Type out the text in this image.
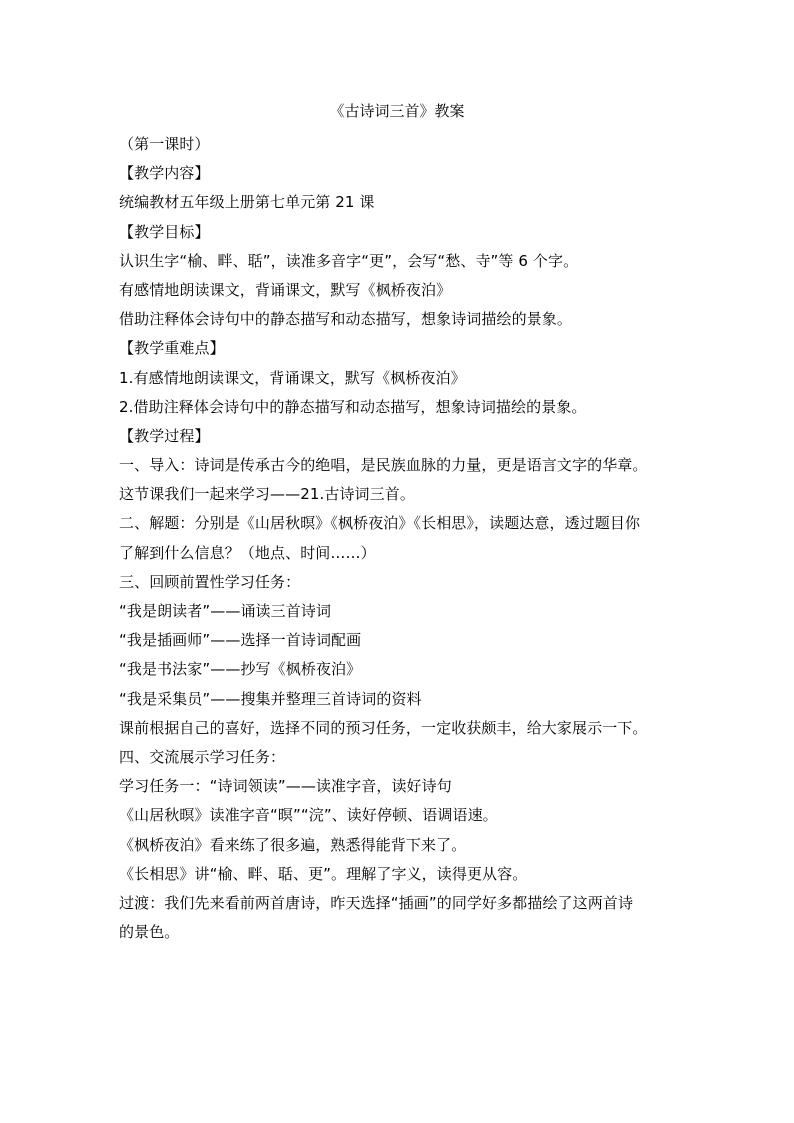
《古诗词三首》教案
（第一课时）
【教学内容】
统编教材五年级上册第七单元第 21 课
【教学目标】
认识生字“榆、畔、聒”，读准多音字“更”，会写“愁、寺”等 6 个字。
有感情地朗读课文，背诵课文，默写《枫桥夜泊》
借助注释体会诗句中的静态描写和动态描写，想象诗词描绘的景象。
【教学重难点】
1.有感情地朗读课文，背诵课文，默写《枫桥夜泊》
2.借助注释体会诗句中的静态描写和动态描写，想象诗词描绘的景象。
【教学过程】
一、导入：诗词是传承古今的绝唱，是民族血脉的力量，更是语言文字的华章。
这节课我们一起来学习——21.古诗词三首。
二、解题：分别是《山居秋暝》《枫桥夜泊》《长相思》，读题达意，透过题目你
了解到什么信息？（地点、时间……）
三、回顾前置性学习任务：
“我是朗读者”——诵读三首诗词
“我是插画师”——选择一首诗词配画
“我是书法家”——抄写《枫桥夜泊》
“我是采集员”——搜集并整理三首诗词的资料
课前根据自己的喜好，选择不同的预习任务，一定收获颇丰，给大家展示一下。
四、交流展示学习任务：
学习任务一：“诗词领读”——读准字音，读好诗句
《山居秋暝》读准字音“暝”“浣”、读好停顿、语调语速。
《枫桥夜泊》看来练了很多遍，熟悉得能背下来了。
《长相思》讲“榆、畔、聒、更”。理解了字义，读得更从容。
过渡：我们先来看前两首唐诗，昨天选择“插画”的同学好多都描绘了这两首诗
的景色。
